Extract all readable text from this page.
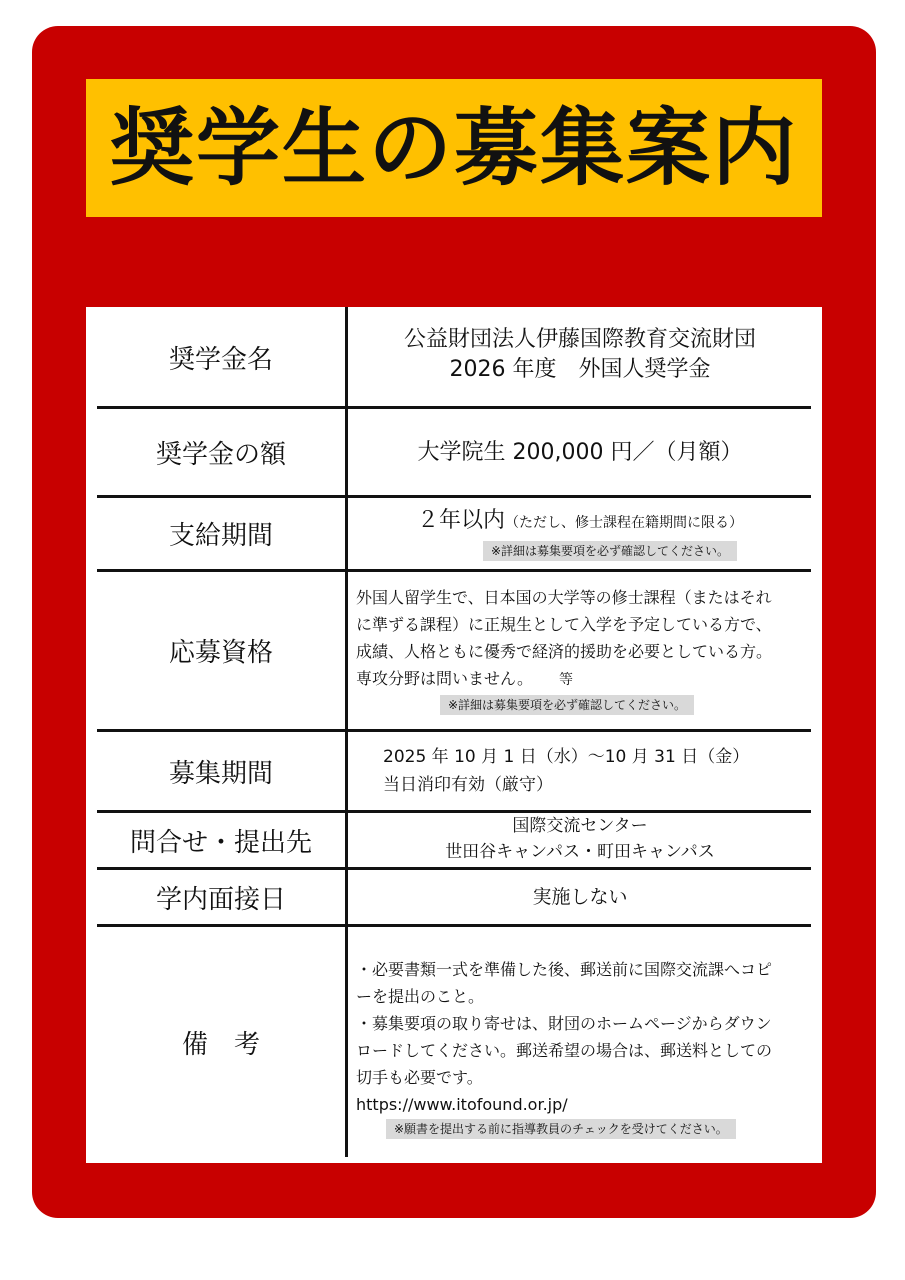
奨学生の募集案内
奨学金名
公益財団法人伊藤国際教育交流財団
2026 年度　外国人奨学金
奨学金の額	大学院生 200,000 円／（月額）
支給期間
２年以内（ただし、修士課程在籍期間に限る）
※詳細は募集要項を必ず確認してください。
応募資格
外国人留学生で、日本国の大学等の修士課程（またはそれ
に準ずる課程）に正規生として入学を予定している方で、
成績、人格ともに優秀で経済的援助を必要としている方。
専攻分野は問いません。 等
※詳細は募集要項を必ず確認してください。
募集期間
2025 年 10 月 1 日（水）～10 月 31 日（金）
当日消印有効（厳守）
問合せ・提出先
国際交流センター
世田谷キャンパス・町田キャンパス
学内面接日	実施しない
備　考
・必要書類一式を準備した後、郵送前に国際交流課へコピ
ーを提出のこと。
・募集要項の取り寄せは、財団のホームページからダウン
ロードしてください。郵送希望の場合は、郵送料としての
切手も必要です。
https://www.itofound.or.jp/
※願書を提出する前に指導教員のチェックを受けてください。
